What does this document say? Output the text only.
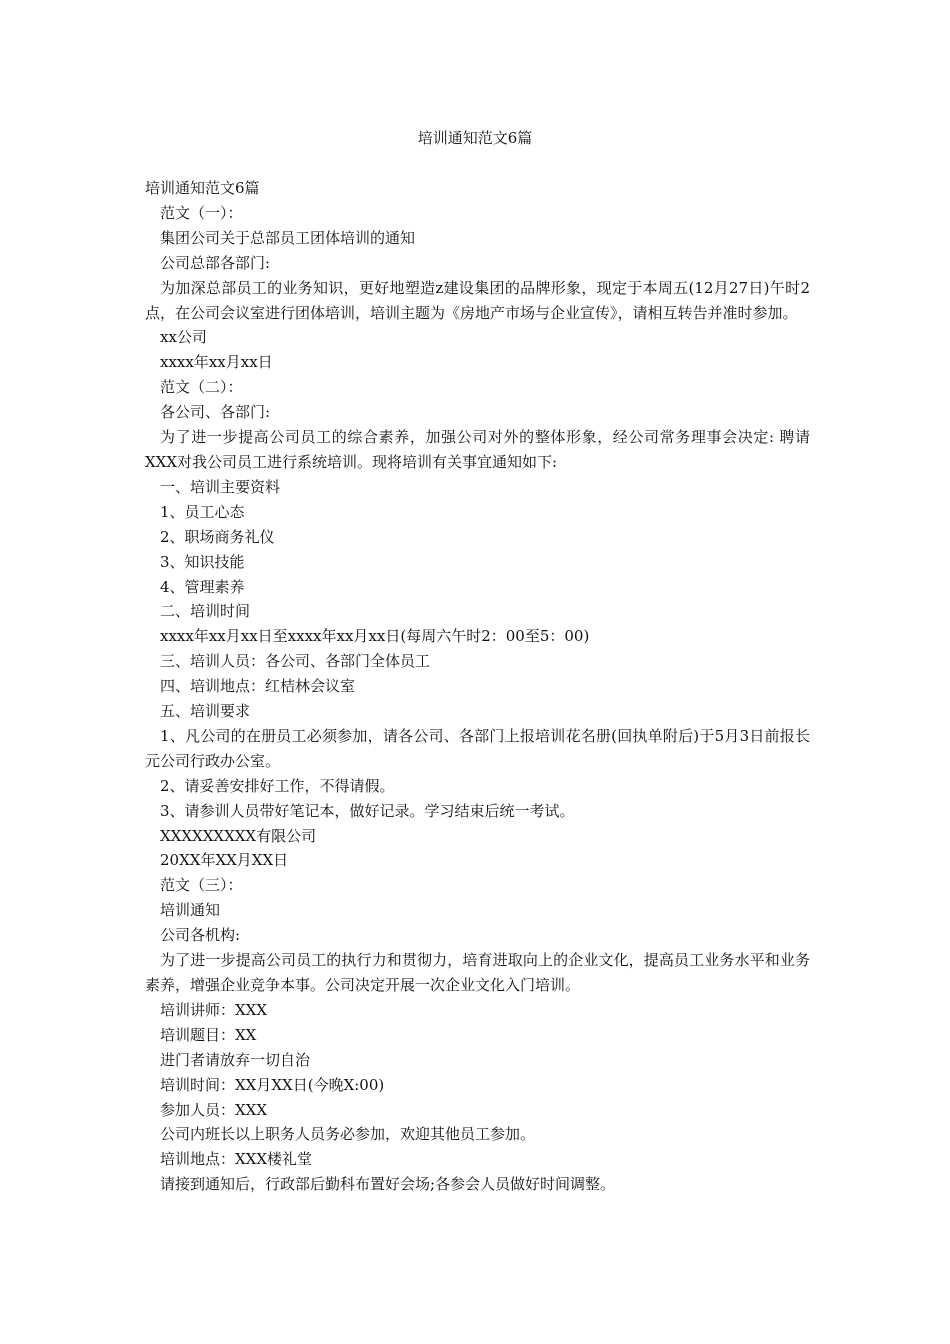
培训通知范文6篇
培训通知范文6篇
范文（一）：
集团公司关于总部员工团体培训的通知
公司总部各部门:
为加深总部员工的业务知识，更好地塑造z建设集团的品牌形象，现定于本周五(12月27日)午时2点，在公司会议室进行团体培训，培训主题为《房地产市场与企业宣传》，请相互转告并准时参加。
xx公司
xxxx年xx月xx日
范文（二）：
各公司、各部门:
为了进一步提高公司员工的综合素养，加强公司对外的整体形象，经公司常务理事会决定: 聘请XXX对我公司员工进行系统培训。现将培训有关事宜通知如下:
一、培训主要资料
1、员工心态
2、职场商务礼仪
3、知识技能
4、管理素养
二、培训时间
xxxx年xx月xx日至xxxx年xx月xx日(每周六午时2：00至5：00)
三、培训人员：各公司、各部门全体员工
四、培训地点：红桔林会议室
五、培训要求
1、凡公司的在册员工必须参加，请各公司、各部门上报培训花名册(回执单附后)于5月3日前报长元公司行政办公室。
2、请妥善安排好工作，不得请假。
3、请参训人员带好笔记本，做好记录。学习结束后统一考试。
XXXXXXXXX有限公司
20XX年XX月XX日
范文（三）：
培训通知
公司各机构:
为了进一步提高公司员工的执行力和贯彻力，培育进取向上的企业文化，提高员工业务水平和业务素养，增强企业竞争本事。公司决定开展一次企业文化入门培训。
培训讲师：XXX
培训题目：XX
进门者请放弃一切自治
培训时间：XX月XX日(今晚X:00)
参加人员：XXX
公司内班长以上职务人员务必参加，欢迎其他员工参加。
培训地点：XXX楼礼堂
请接到通知后，行政部后勤科布置好会场;各参会人员做好时间调整。
